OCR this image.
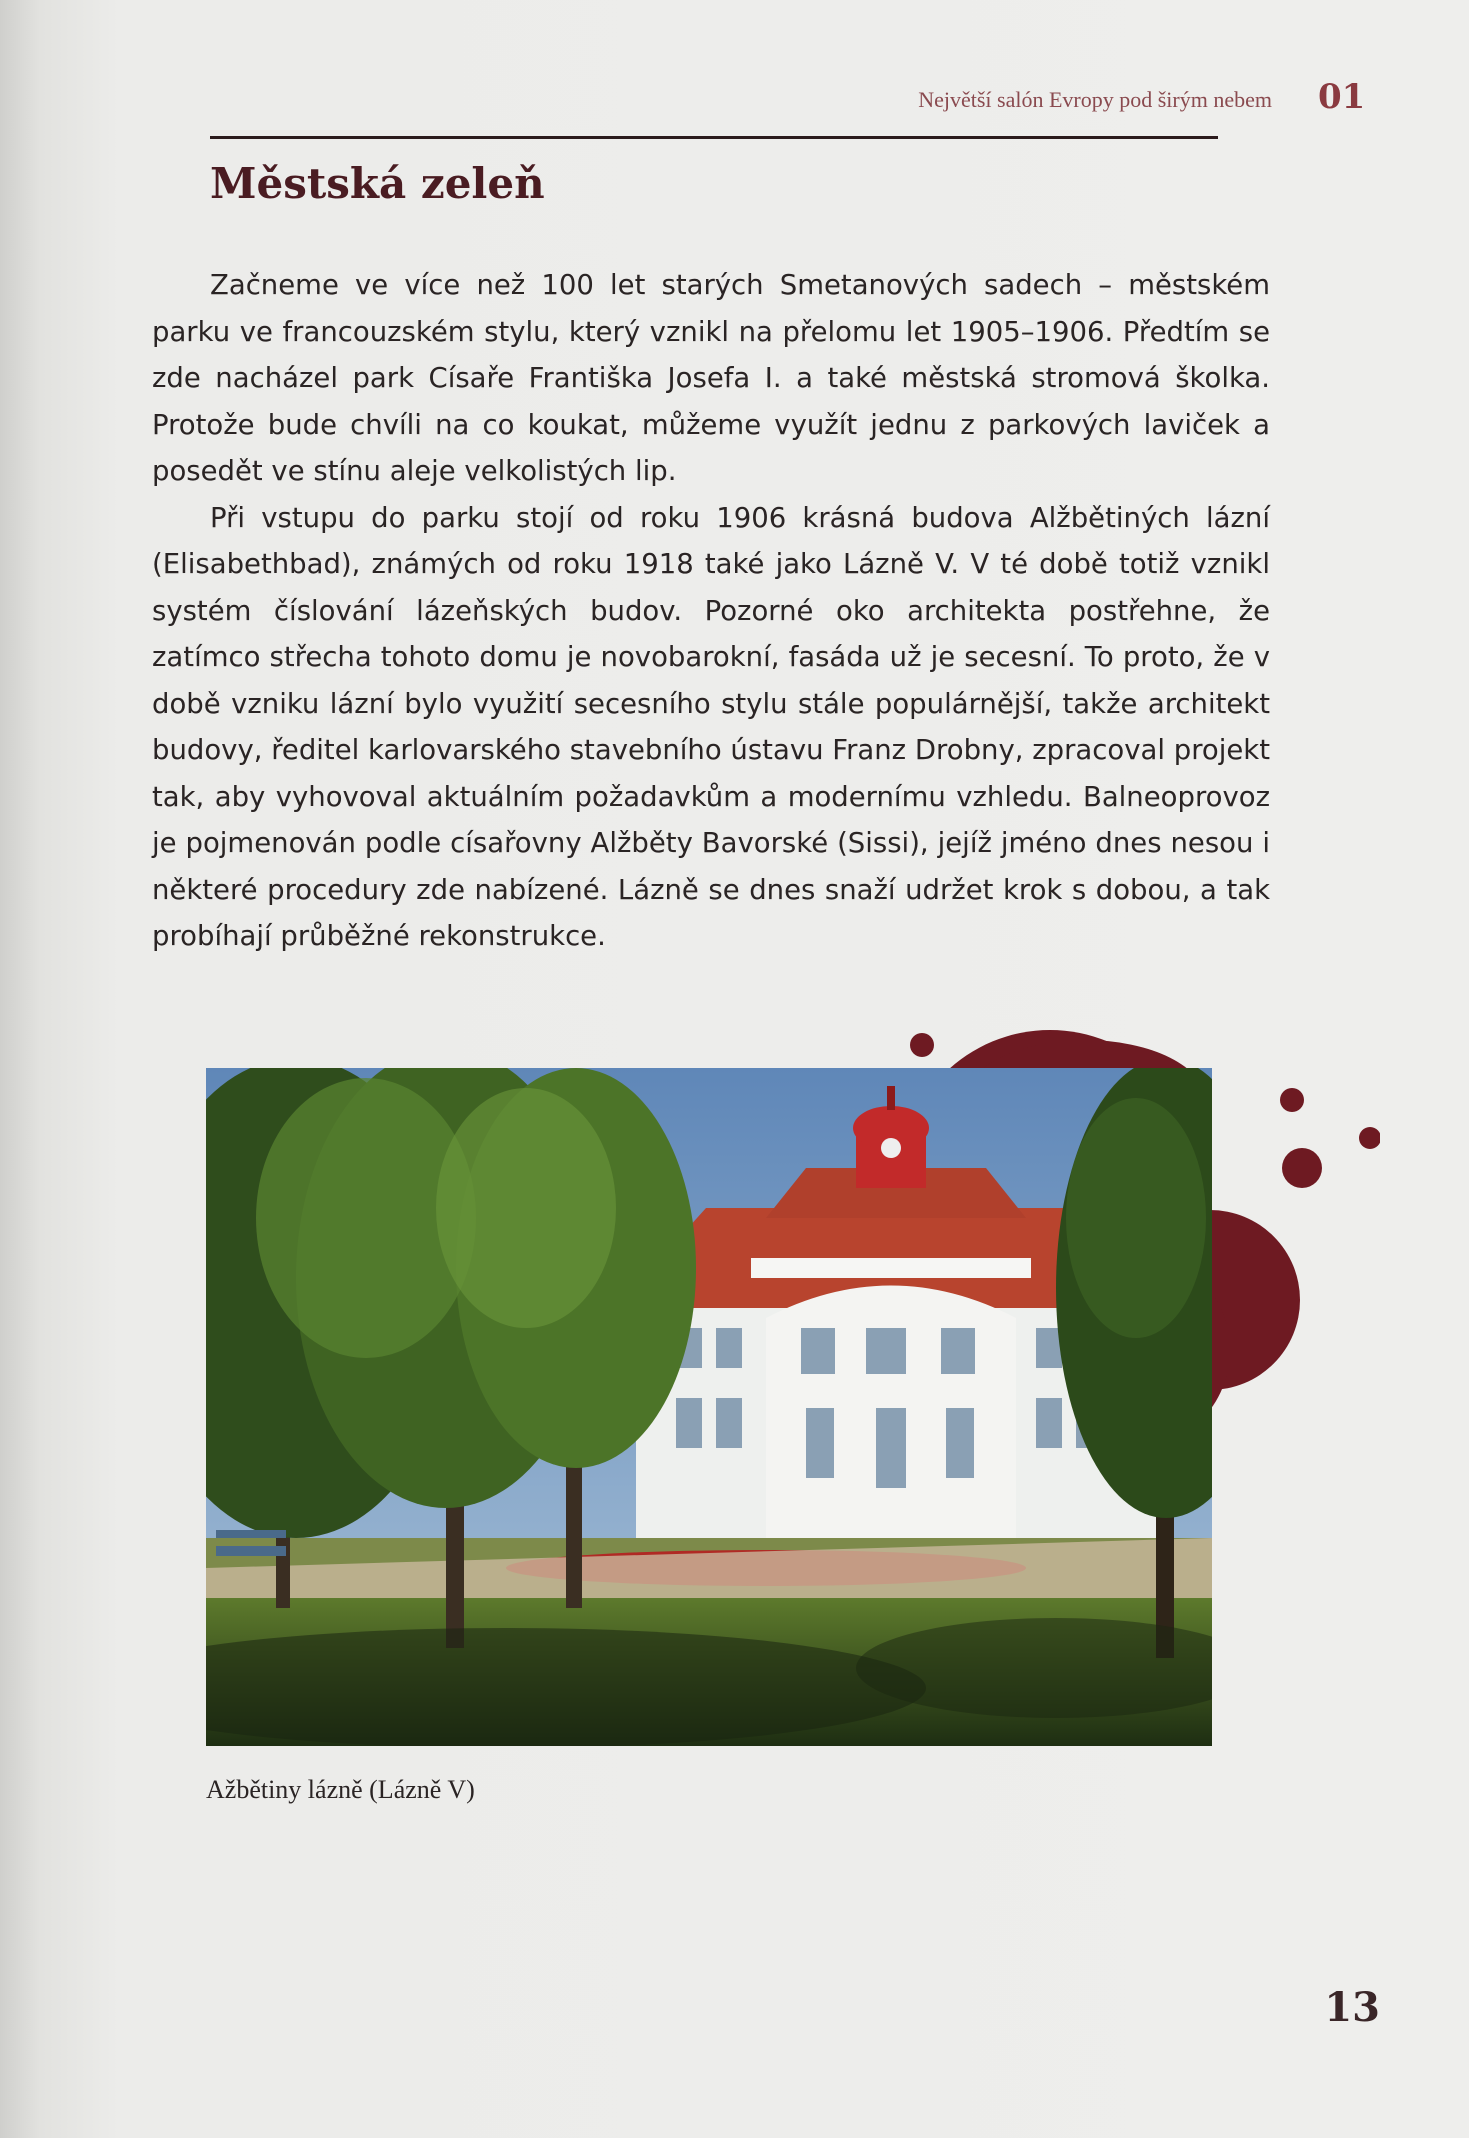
Největší salón Evropy pod širým nebem 01
Městská zeleň

Začneme ve více než 100 let starých Smetanových sadech – městském parku ve francouzském stylu, který vznikl na přelomu let 1905–1906. Předtím se zde nacházel park Císaře Františka Josefa I. a také městská stromová školka. Protože bude chvíli na co koukat, můžeme využít jednu z parkových laviček a posedět ve stínu aleje velkolistých lip.

Při vstupu do parku stojí od roku 1906 krásná budova Alžbětiných lázní (Elisabethbad), známých od roku 1918 také jako Lázně V. V té době totiž vznikl systém číslování lázeňských budov. Pozorné oko architekta postřehne, že zatímco střecha tohoto domu je novobarokní, fasáda už je secesní. To proto, že v době vzniku lázní bylo využití secesního stylu stále populárnější, takže architekt budovy, ředitel karlovarského stavebního ústavu Franz Drobny, zpracoval projekt tak, aby vyhovoval aktuálním požadavkům a modernímu vzhledu. Balneoprovoz je pojmenován podle císařovny Alžběty Bavorské (Sissi), jejíž jméno dnes nesou i některé procedury zde nabízené. Lázně se dnes snaží udržet krok s dobou, a tak probíhají průběžné rekonstrukce.

Ažbětiny lázně (Lázně V)
13
